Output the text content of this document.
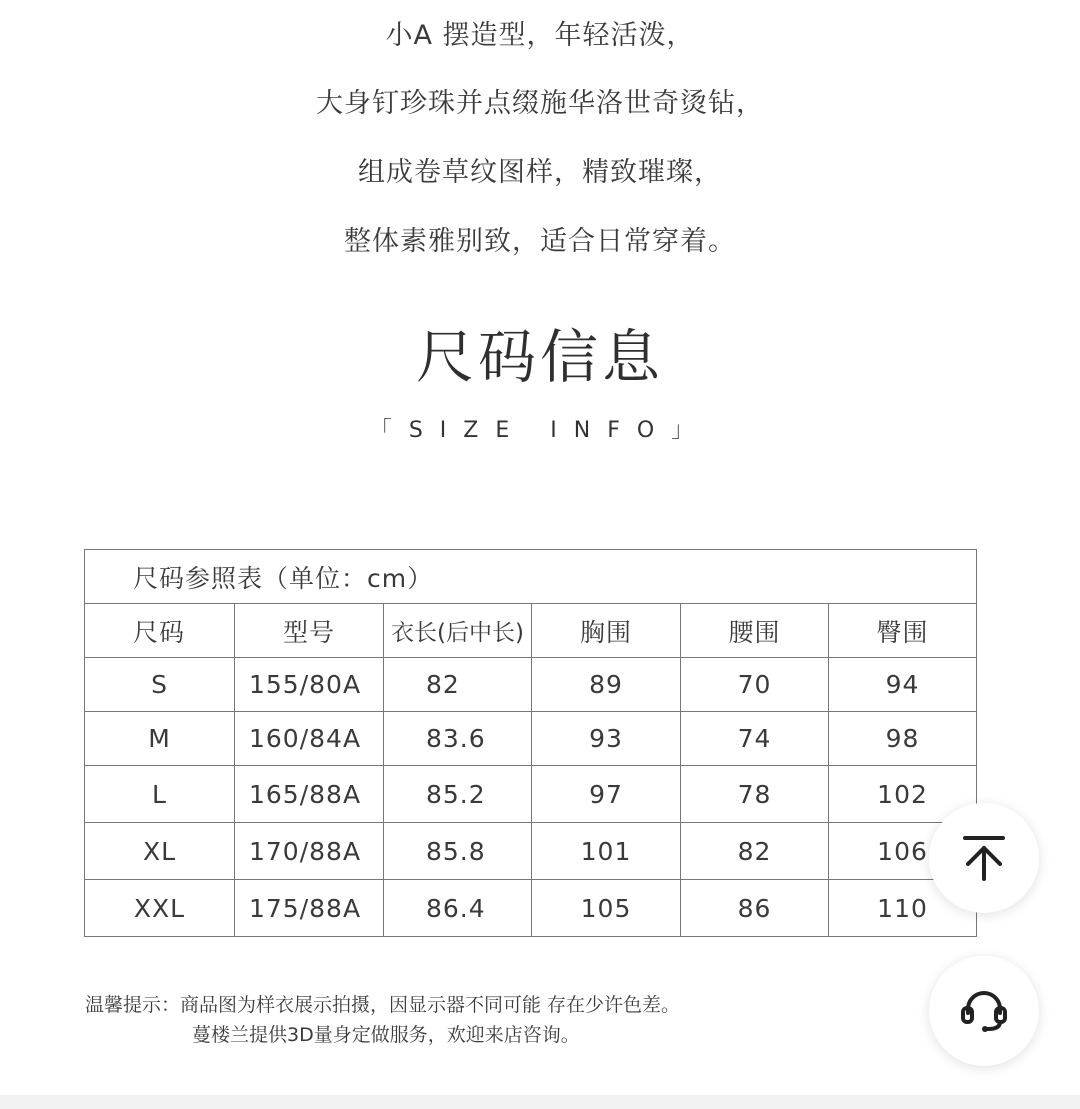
小A 摆造型，年轻活泼，
大身钉珍珠并点缀施华洛世奇烫钻，
组成卷草纹图样，精致璀璨，
整体素雅别致，适合日常穿着。
尺码信息
「SIZE INFO」
尺码参照表（单位：cm）					
尺码	型号	衣长(后中长)	胸围	腰围	臀围
S	155/80A	82	89	70	94
M	160/84A	83.6	93	74	98
L	165/88A	85.2	97	78	102
XL	170/88A	85.8	101	82	106
XXL	175/88A	86.4	105	86	110
温馨提示：商品图为样衣展示拍摄，因显示器不同可能 存在少许色差。
蔓楼兰提供3D量身定做服务，欢迎来店咨询。
